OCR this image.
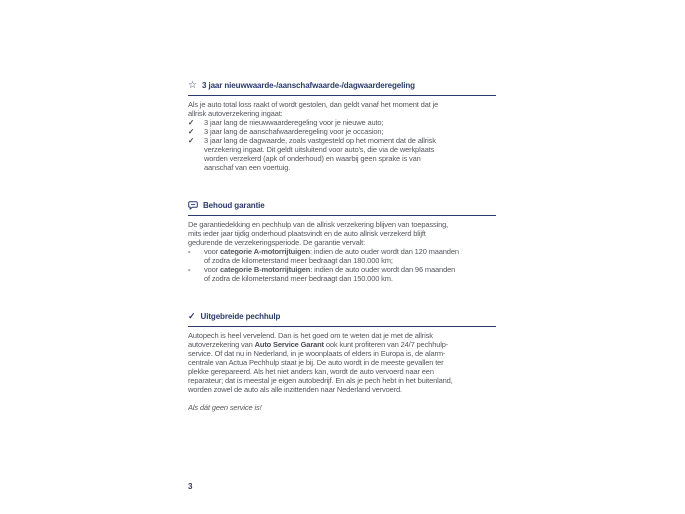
☆ 3 jaar nieuwwaarde-/aanschafwaarde-/dagwaarderegeling

Als je auto total loss raakt of wordt gestolen, dan geldt vanaf het moment dat je
allrisk autoverzekering ingaat:

✓	3 jaar lang de nieuwwaarderegeling voor je nieuwe auto;
✓	3 jaar lang de aanschafwaarderegeling voor je occasion;
✓	3 jaar lang de dagwaarde, zoals vastgesteld op het moment dat de allrisk
verzekering ingaat. Dit geldt uitsluitend voor auto's, die via de werkplaats
worden verzekerd (apk of onderhoud) en waarbij geen sprake is van
aanschaf van een voertuig.
Behoud garantie

De garantiedekking en pechhulp van de allrisk verzekering blijven van toepassing,
mits ieder jaar tijdig onderhoud plaatsvindt en de auto allrisk verzekerd blijft
gedurende de verzekeringsperiode. De garantie vervalt:

-	voor categorie A-motorrijtuigen: indien de auto ouder wordt dan 120 maanden
of zodra de kilometerstand meer bedraagt dan 180.000 km;
-	voor categorie B-motorrijtuigen: indien de auto ouder wordt dan 96 maanden
of zodra de kilometerstand meer bedraagt dan 150.000 km.
✓ Uitgebreide pechhulp

Autopech is heel vervelend. Dan is het goed om te weten dat je met de allrisk
autoverzekering van Auto Service Garant ook kunt profiteren van 24/7 pechhulp-
service. Of dat nu in Nederland, in je woonplaats of elders in Europa is, de alarm-
centrale van Actua Pechhulp staat je bij. De auto wordt in de meeste gevallen ter
plekke gerepareerd. Als het niet anders kan, wordt de auto vervoerd naar een
reparateur; dat is meestal je eigen autobedrijf. En als je pech hebt in het buitenland,
worden zowel de auto als alle inzittenden naar Nederland vervoerd.

Als dát geen service is!

3
